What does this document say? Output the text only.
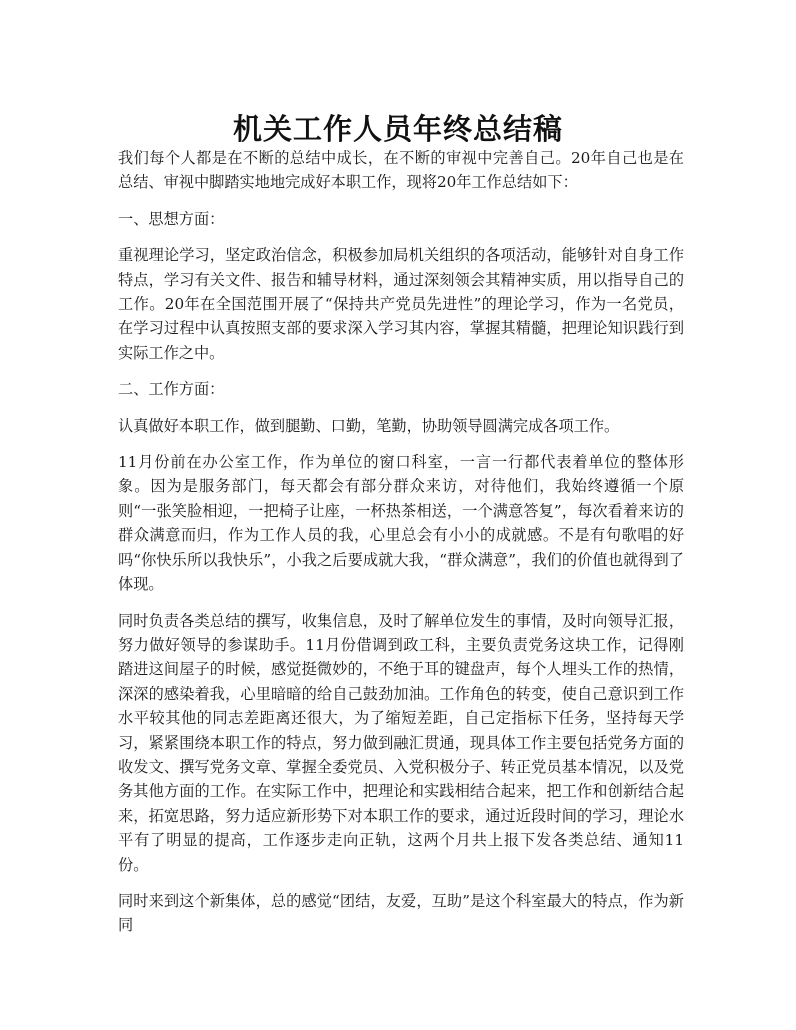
机关工作人员年终总结稿

我们每个人都是在不断的总结中成长，在不断的审视中完善自己。20年自己也是在总结、审视中脚踏实地地完成好本职工作，现将20年工作总结如下：

一、思想方面：

重视理论学习，坚定政治信念，积极参加局机关组织的各项活动，能够针对自身工作特点，学习有关文件、报告和辅导材料，通过深刻领会其精神实质，用以指导自己的工作。20年在全国范围开展了“保持共产党员先进性”的理论学习，作为一名党员，在学习过程中认真按照支部的要求深入学习其内容，掌握其精髓，把理论知识践行到实际工作之中。

二、工作方面：

认真做好本职工作，做到腿勤、口勤，笔勤，协助领导圆满完成各项工作。

11月份前在办公室工作，作为单位的窗口科室，一言一行都代表着单位的整体形象。因为是服务部门，每天都会有部分群众来访，对待他们，我始终遵循一个原则“一张笑脸相迎，一把椅子让座，一杯热茶相送，一个满意答复”，每次看着来访的群众满意而归，作为工作人员的我，心里总会有小小的成就感。不是有句歌唱的好吗“你快乐所以我快乐”，小我之后要成就大我，“群众满意”，我们的价值也就得到了体现。

同时负责各类总结的撰写，收集信息，及时了解单位发生的事情，及时向领导汇报，努力做好领导的参谋助手。11月份借调到政工科，主要负责党务这块工作，记得刚踏进这间屋子的时候，感觉挺微妙的，不绝于耳的键盘声，每个人埋头工作的热情，深深的感染着我，心里暗暗的给自己鼓劲加油。工作角色的转变，使自己意识到工作水平较其他的同志差距离还很大，为了缩短差距，自己定指标下任务，坚持每天学习，紧紧围绕本职工作的特点，努力做到融汇贯通，现具体工作主要包括党务方面的收发文、撰写党务文章、掌握全委党员、入党积极分子、转正党员基本情况，以及党务其他方面的工作。在实际工作中，把理论和实践相结合起来，把工作和创新结合起来，拓宽思路，努力适应新形势下对本职工作的要求，通过近段时间的学习，理论水平有了明显的提高，工作逐步走向正轨，这两个月共上报下发各类总结、通知11份。

同时来到这个新集体，总的感觉“团结，友爱，互助”是这个科室最大的特点，作为新同
